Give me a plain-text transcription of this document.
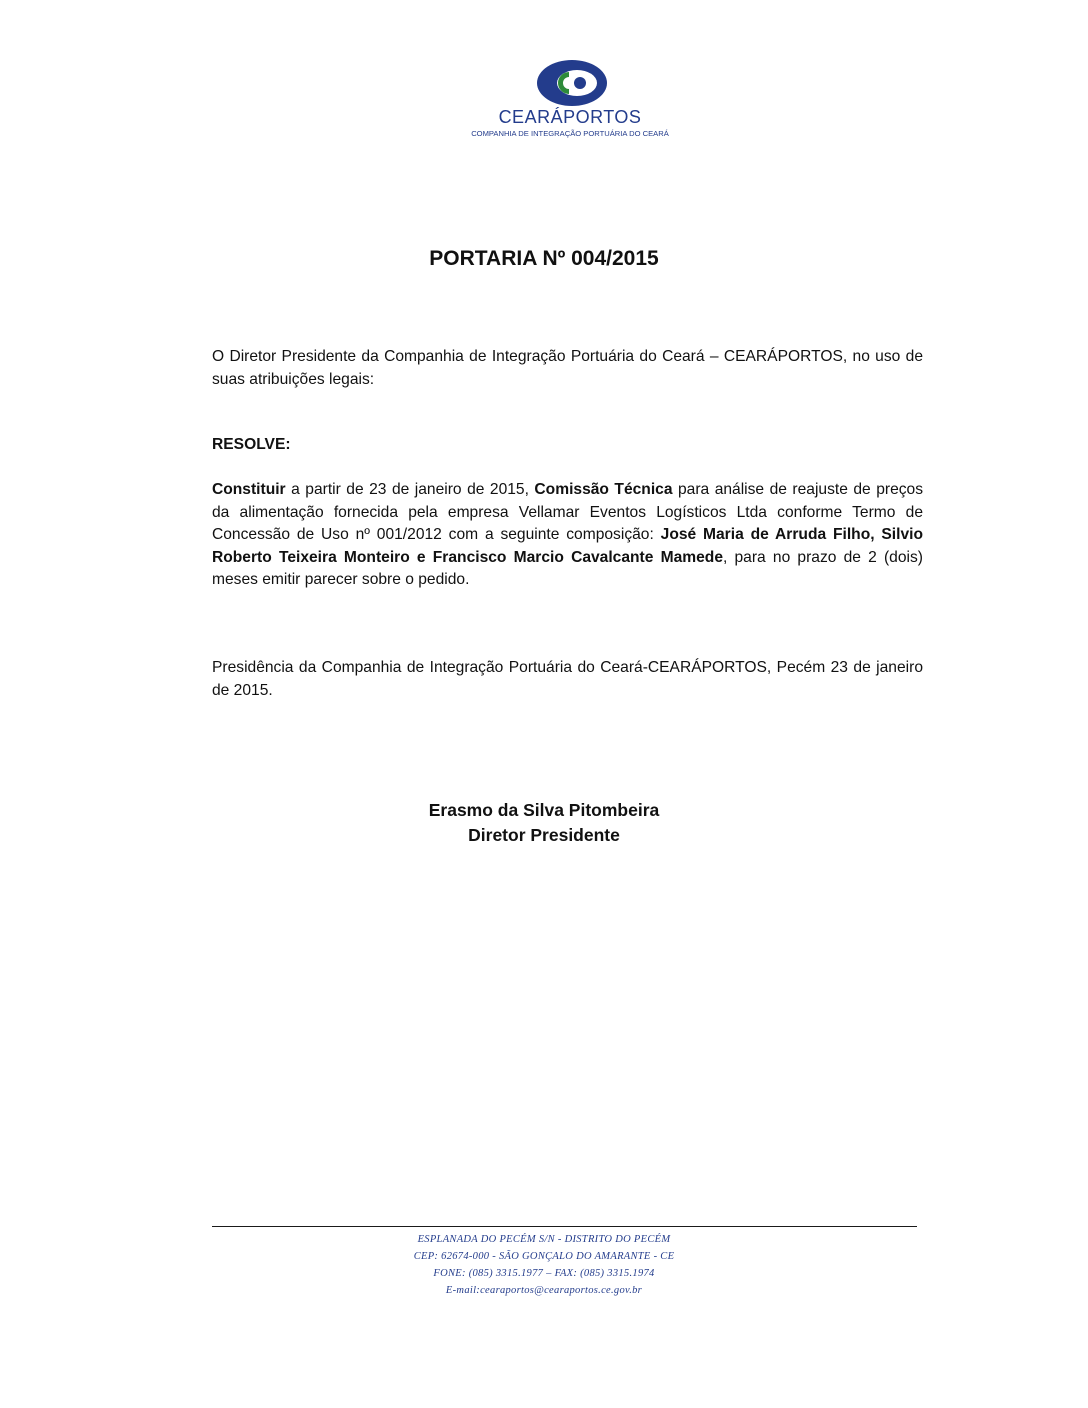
CEARÁPORTOS
COMPANHIA DE INTEGRAÇÃO PORTUÁRIA DO CEARÁ
PORTARIA Nº 004/2015
O Diretor Presidente da Companhia de Integração Portuária do Ceará – CEARÁPORTOS, no uso de suas atribuições legais:
RESOLVE:
Constituir a partir de 23 de janeiro de 2015, Comissão Técnica para análise de reajuste de preços da alimentação fornecida pela empresa Vellamar Eventos Logísticos Ltda conforme Termo de Concessão de Uso nº 001/2012 com a seguinte composição: José Maria de Arruda Filho, Silvio Roberto Teixeira Monteiro e Francisco Marcio Cavalcante Mamede, para no prazo de 2 (dois) meses emitir parecer sobre o pedido.
Presidência da Companhia de Integração Portuária do Ceará-CEARÁPORTOS, Pecém 23 de janeiro de 2015.
Erasmo da Silva Pitombeira
Diretor Presidente
ESPLANADA DO PECÉM S/N - DISTRITO DO PECÉM
CEP: 62674-000 - SÃO GONÇALO DO AMARANTE - CE
FONE: (085) 3315.1977 – FAX: (085) 3315.1974
E-mail:cearaportos@cearaportos.ce.gov.br
